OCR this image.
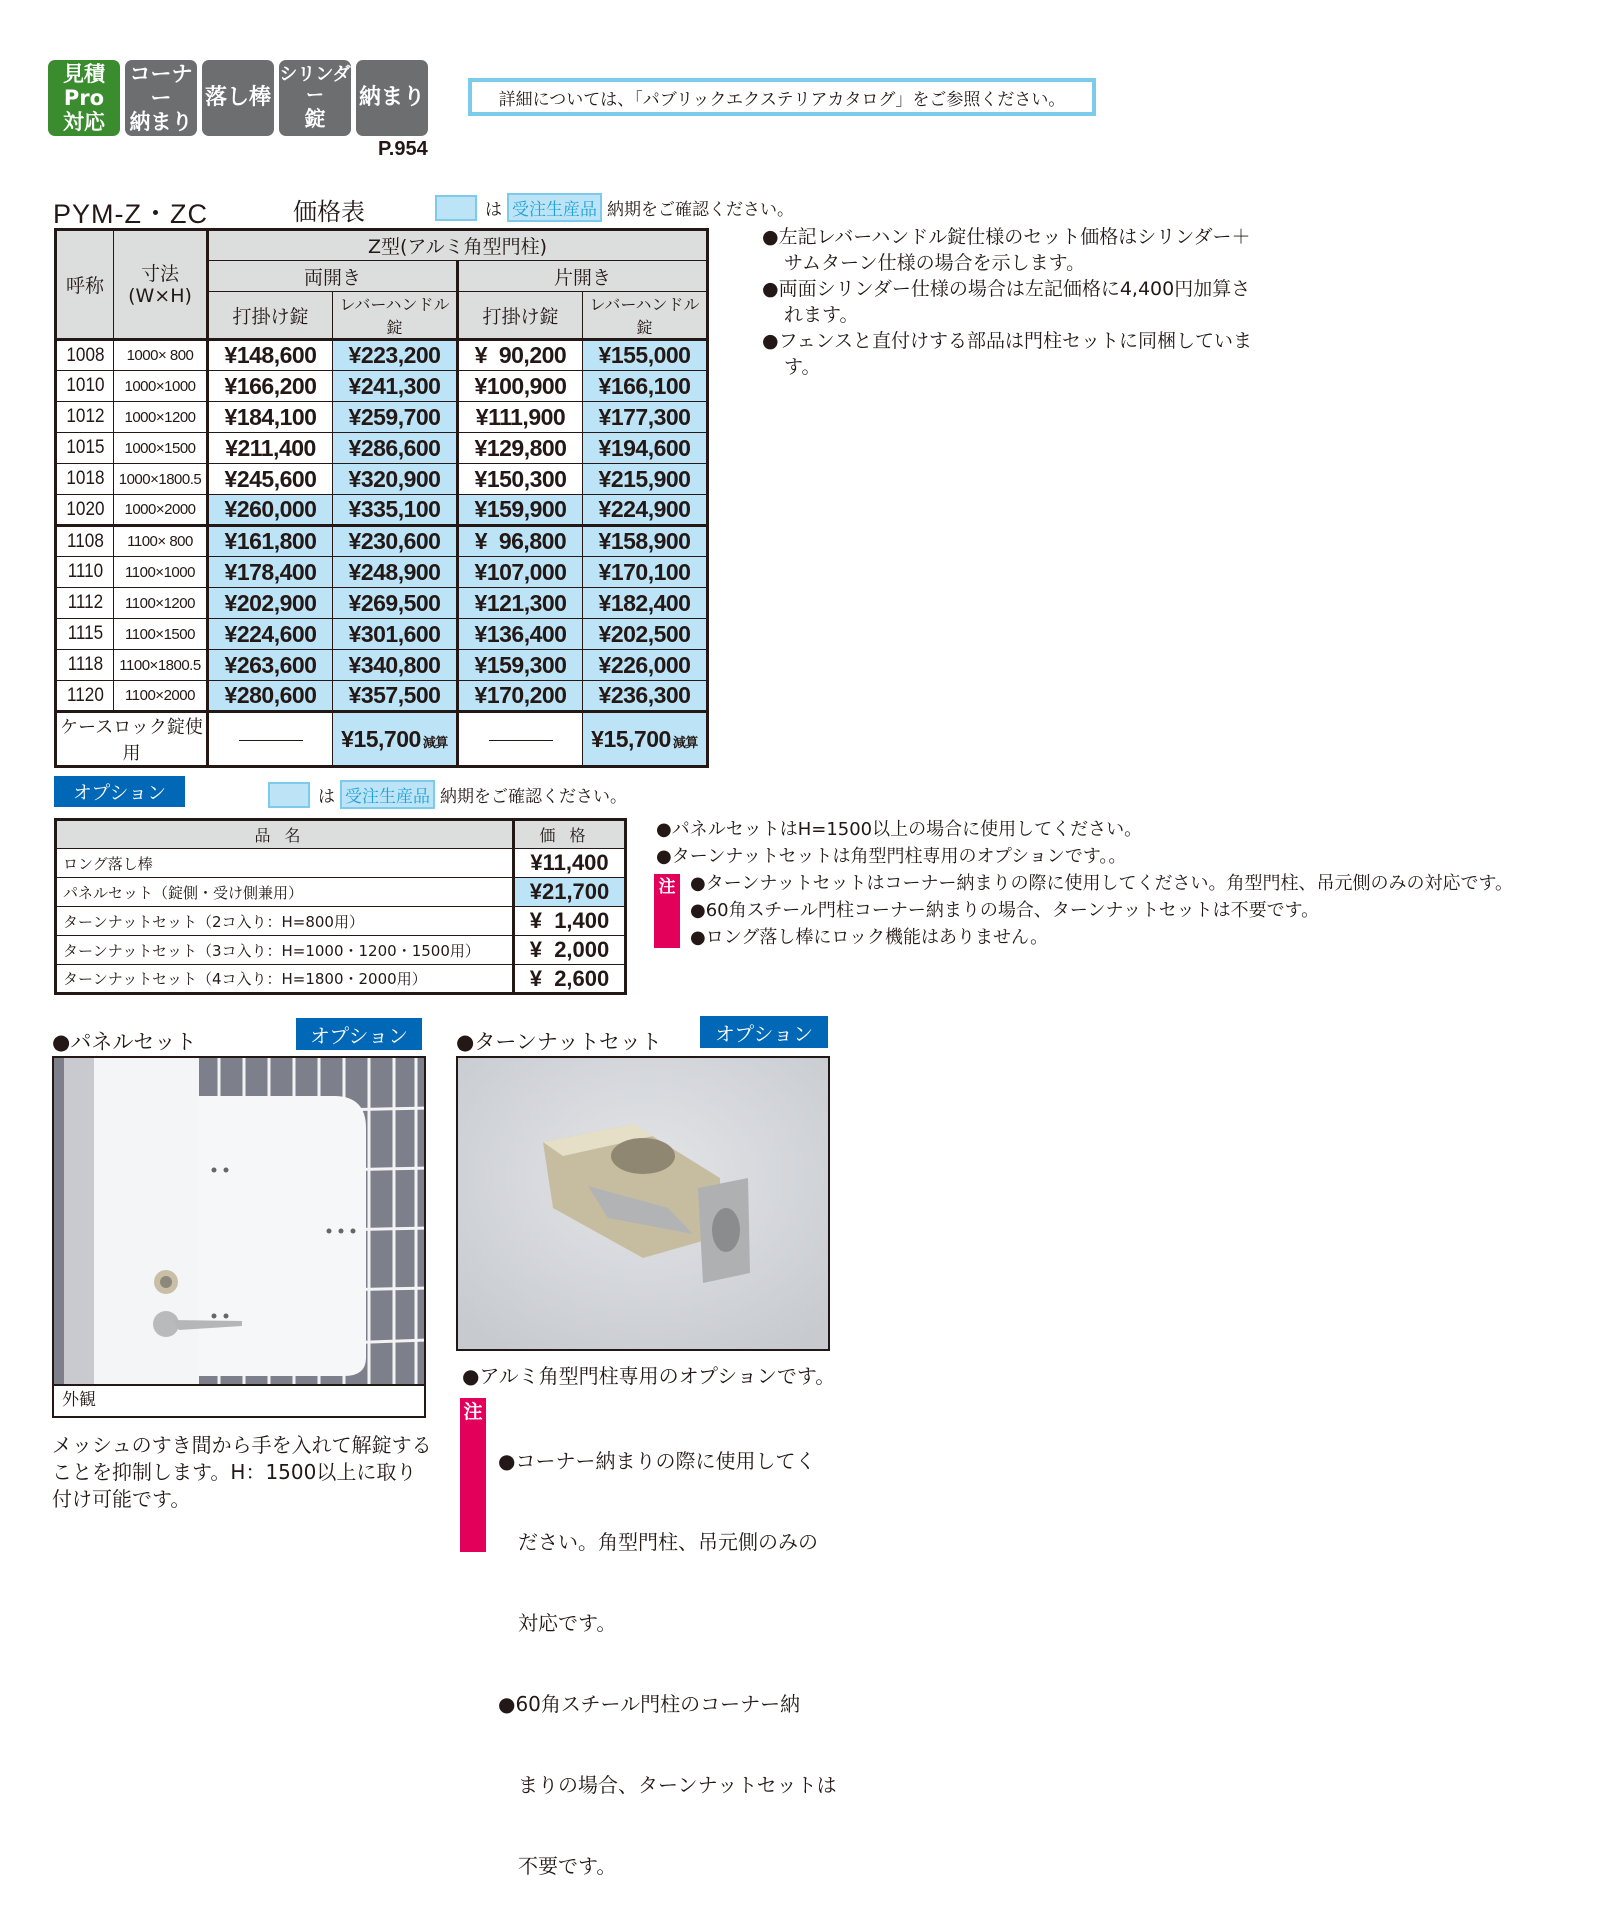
見積Pro
対応
コーナー
納まり
落し棒
シリンダー
錠
納まり
P.954
詳細については、「パブリックエクステリアカタログ」をご参照ください。
PYM-Z・ZC	価格表	は 受注生産品 納期をご確認ください。
呼称	寸法
(W×H)	Z型(アルミ角型門柱)			
		両開き		片開き	
		打掛け錠	レバーハンドル錠	打掛け錠	レバーハンドル錠
1008	1000× 800	¥148,600	¥223,200	¥  90,200	¥155,000
1010	1000×1000	¥166,200	¥241,300	¥100,900	¥166,100
1012	1000×1200	¥184,100	¥259,700	¥111,900	¥177,300
1015	1000×1500	¥211,400	¥286,600	¥129,800	¥194,600
1018	1000×1800.5	¥245,600	¥320,900	¥150,300	¥215,900
1020	1000×2000	¥260,000	¥335,100	¥159,900	¥224,900
1108	1100× 800	¥161,800	¥230,600	¥  96,800	¥158,900
1110	1100×1000	¥178,400	¥248,900	¥107,000	¥170,100
1112	1100×1200	¥202,900	¥269,500	¥121,300	¥182,400
1115	1100×1500	¥224,600	¥301,600	¥136,400	¥202,500
1118	1100×1800.5	¥263,600	¥340,800	¥159,300	¥226,000
1120	1100×2000	¥280,600	¥357,500	¥170,200	¥236,300
ケースロック錠使用			¥15,700 減算		¥15,700 減算

●左記レバーハンドル錠仕様のセット価格はシリンダー＋サムターン仕様の場合を示します。

●両面シリンダー仕様の場合は左記価格に4,400円加算されます。

●フェンスと直付けする部品は門柱セットに同梱しています。

オプション	は 受注生産品 納期をご確認ください。
品名	価格
ロング落し棒	¥11,400
パネルセット（錠側・受け側兼用）	¥21,700
ターンナットセット（2コ入り：H=800用）	¥  1,400
ターンナットセット（3コ入り：H=1000・1200・1500用）	¥  2,000
ターンナットセット（4コ入り：H=1800・2000用）	¥  2,600

●パネルセットはH=1500以上の場合に使用してください。

●ターンナットセットは角型門柱専用のオプションです。。

注 ●ターンナットセットはコーナー納まりの際に使用してください。角型門柱、吊元側のみの対応です。

●60角スチール門柱コーナー納まりの場合、ターンナットセットは不要です。

●ロング落し棒にロック機能はありません。

●パネルセット	オプション
外観

メッシュのすき間から手を入れて解錠する

ことを抑制します。H：1500以上に取り

付け可能です。

●ターンナットセット	オプション
●アルミ角型門柱専用のオプションです。
注

●コーナー納まりの際に使用してく

　ださい。角型門柱、吊元側のみの

　対応です。

●60角スチール門柱のコーナー納

　まりの場合、ターンナットセットは

　不要です。
